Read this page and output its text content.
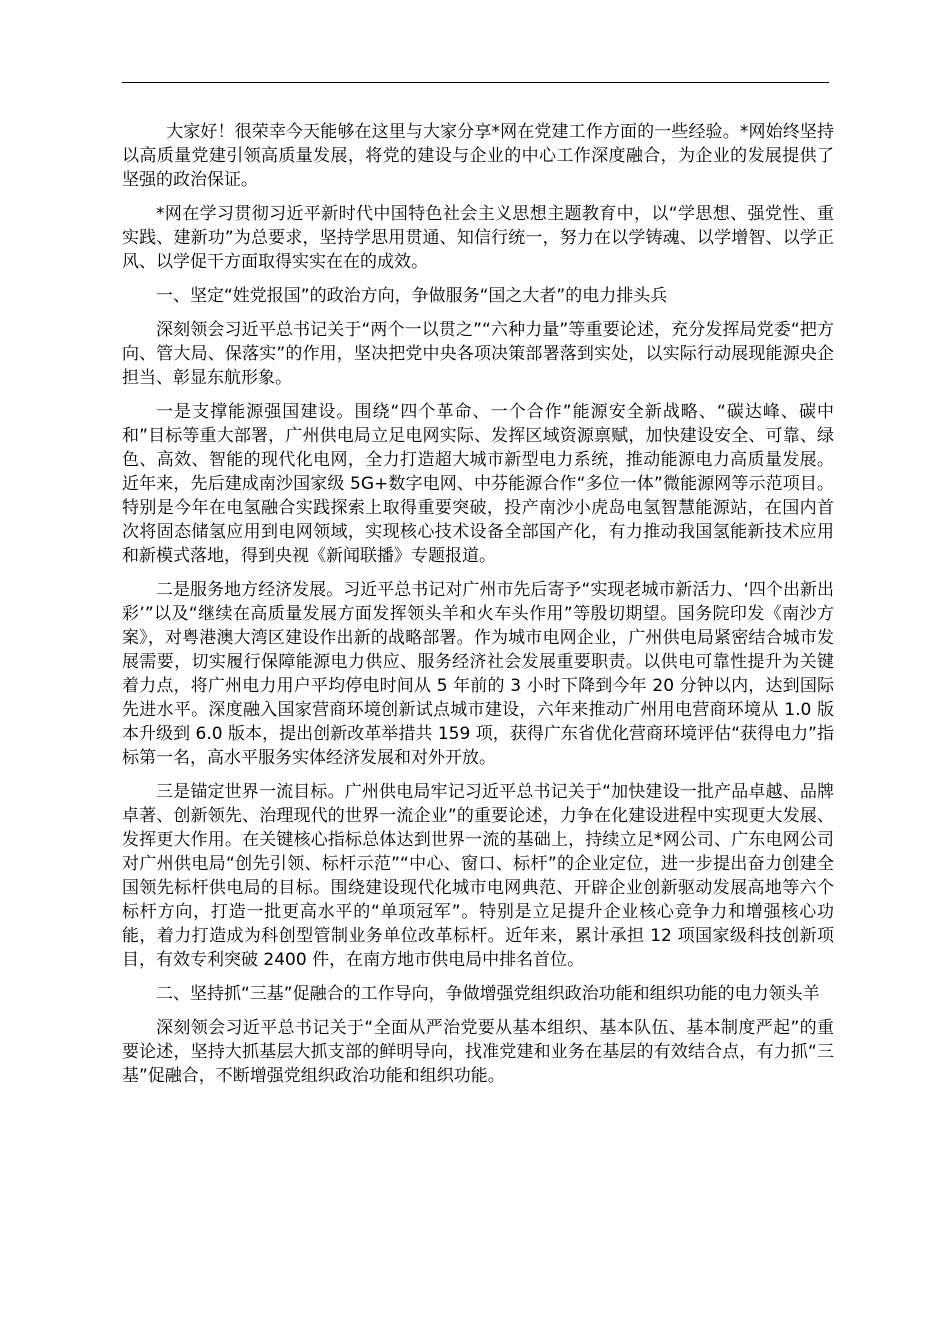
大家好！很荣幸今天能够在这里与大家分享*网在党建工作方面的一些经验。*网始终坚持以高质量党建引领高质量发展，将党的建设与企业的中心工作深度融合，为企业的发展提供了坚强的政治保证。

*网在学习贯彻习近平新时代中国特色社会主义思想主题教育中，以“学思想、强党性、重实践、建新功”为总要求，坚持学思用贯通、知信行统一，努力在以学铸魂、以学增智、以学正风、以学促干方面取得实实在在的成效。

一、坚定“姓党报国”的政治方向，争做服务“国之大者”的电力排头兵

深刻领会习近平总书记关于“两个一以贯之”“六种力量”等重要论述，充分发挥局党委“把方向、管大局、保落实”的作用，坚决把党中央各项决策部署落到实处，以实际行动展现能源央企担当、彰显东航形象。

一是支撑能源强国建设。围绕“四个革命、一个合作”能源安全新战略、“碳达峰、碳中和”目标等重大部署，广州供电局立足电网实际、发挥区域资源禀赋，加快建设安全、可靠、绿色、高效、智能的现代化电网，全力打造超大城市新型电力系统，推动能源电力高质量发展。近年来，先后建成南沙国家级 5G+数字电网、中芬能源合作“多位一体”微能源网等示范项目。特别是今年在电氢融合实践探索上取得重要突破，投产南沙小虎岛电氢智慧能源站，在国内首次将固态储氢应用到电网领域，实现核心技术设备全部国产化，有力推动我国氢能新技术应用和新模式落地，得到央视《新闻联播》专题报道。

二是服务地方经济发展。习近平总书记对广州市先后寄予“实现老城市新活力、‘四个出新出彩’”以及“继续在高质量发展方面发挥领头羊和火车头作用”等殷切期望。国务院印发《南沙方案》，对粤港澳大湾区建设作出新的战略部署。作为城市电网企业，广州供电局紧密结合城市发展需要，切实履行保障能源电力供应、服务经济社会发展重要职责。以供电可靠性提升为关键着力点，将广州电力用户平均停电时间从 5 年前的 3 小时下降到今年 20 分钟以内，达到国际先进水平。深度融入国家营商环境创新试点城市建设，六年来推动广州用电营商环境从 1.0 版本升级到 6.0 版本，提出创新改革举措共 159 项，获得广东省优化营商环境评估“获得电力”指标第一名，高水平服务实体经济发展和对外开放。

三是锚定世界一流目标。广州供电局牢记习近平总书记关于“加快建设一批产品卓越、品牌卓著、创新领先、治理现代的世界一流企业”的重要论述，力争在化建设进程中实现更大发展、发挥更大作用。在关键核心指标总体达到世界一流的基础上，持续立足*网公司、广东电网公司对广州供电局“创先引领、标杆示范”“中心、窗口、标杆”的企业定位，进一步提出奋力创建全国领先标杆供电局的目标。围绕建设现代化城市电网典范、开辟企业创新驱动发展高地等六个标杆方向，打造一批更高水平的“单项冠军”。特别是立足提升企业核心竞争力和增强核心功能，着力打造成为科创型管制业务单位改革标杆。近年来，累计承担 12 项国家级科技创新项目，有效专利突破 2400 件，在南方地市供电局中排名首位。

二、坚持抓“三基”促融合的工作导向，争做增强党组织政治功能和组织功能的电力领头羊

深刻领会习近平总书记关于“全面从严治党要从基本组织、基本队伍、基本制度严起”的重要论述，坚持大抓基层大抓支部的鲜明导向，找准党建和业务在基层的有效结合点，有力抓“三基”促融合，不断增强党组织政治功能和组织功能。
